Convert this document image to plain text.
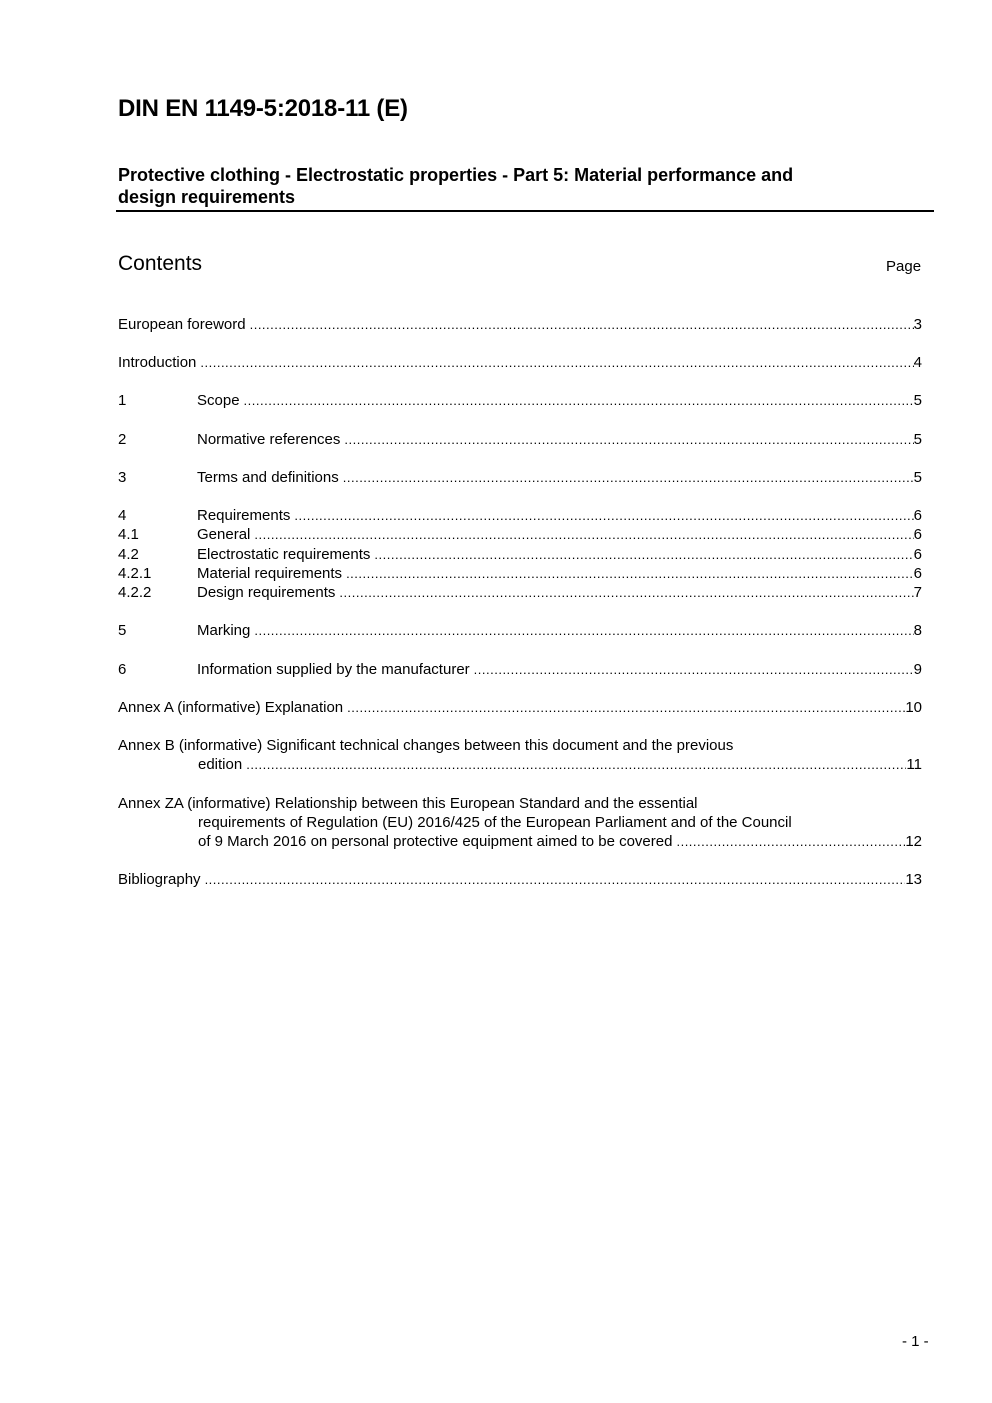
DIN EN 1149-5:2018-11 (E)
Protective clothing - Electrostatic properties - Part 5: Material performance and
design requirements
Contents	Page
European foreword .....	3
Introduction .....	4
1	Scope .....	5
2	Normative references .....	5
3	Terms and definitions .....	5
4	Requirements .....	6
4.1	General .....	6
4.2	Electrostatic requirements .....	6
4.2.1	Material requirements .....	6
4.2.2	Design requirements .....	7
5	Marking .....	8
6	Information supplied by the manufacturer .....	9
Annex A (informative) Explanation .....	10
Annex B (informative) Significant technical changes between this document and the previous
edition .....	11
Annex ZA (informative) Relationship between this European Standard and the essential
requirements of Regulation (EU) 2016/425 of the European Parliament and of the Council
of 9 March 2016 on personal protective equipment aimed to be covered .....	12
Bibliography .....	13
- 1 -
